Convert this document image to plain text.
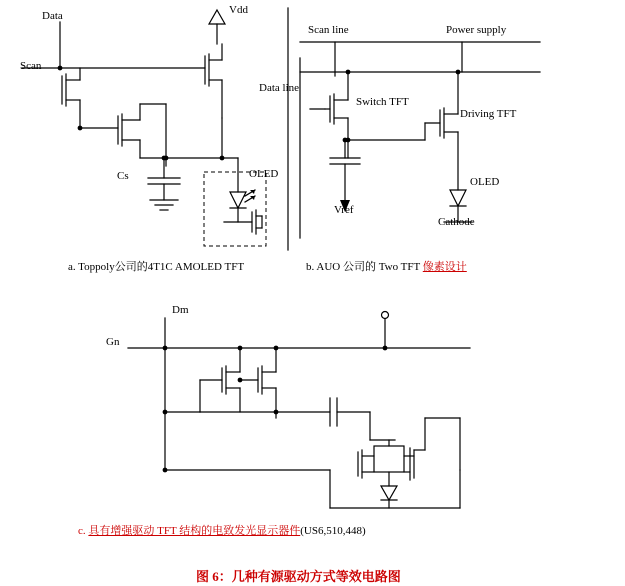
Data	Vdd
Scan
Cs	OLED
a. Toppoly公司的4T1C AMOLED TFT
Scan line	Power supply
Data line
Switch TFT
Driving TFT
Vref
OLED
Cathode
b. AUO 公司的 Two TFT 像素设计
Dm
Gn
c. 具有增强驱动 TFT 结构的电致发光显示器件(US6,510,448)
图 6：几种有源驱动方式等效电路图
